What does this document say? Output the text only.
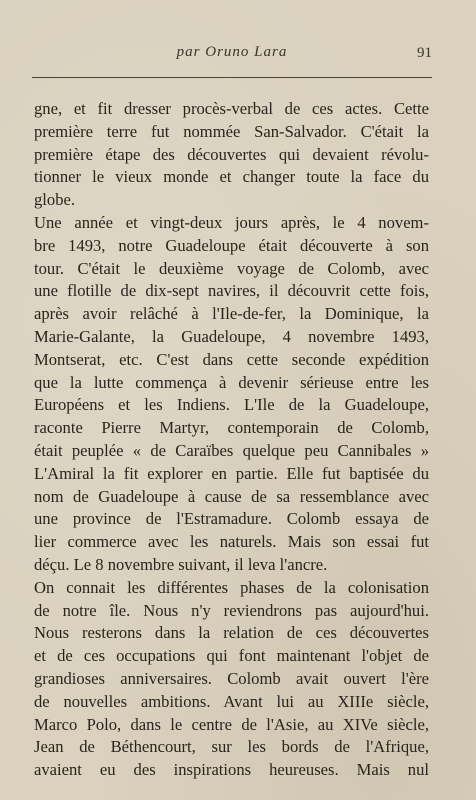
par Oruno Lara	91
gne, et fit dresser procès-verbal de ces actes. Cette
première terre fut nommée San-Salvador. C'était la
première étape des découvertes qui devaient révolu-
tionner le vieux monde et changer toute la face du
globe.
Une année et vingt-deux jours après, le 4 novem-
bre 1493, notre Guadeloupe était découverte à son
tour. C'était le deuxième voyage de Colomb, avec
une flotille de dix-sept navires, il découvrit cette fois,
après avoir relâché à l'Ile-de-fer, la Dominique, la
Marie-Galante, la Guadeloupe, 4 novembre 1493,
Montserat, etc. C'est dans cette seconde expédition
que la lutte commença à devenir sérieuse entre les
Européens et les Indiens. L'Ile de la Guadeloupe,
raconte Pierre Martyr, contemporain de Colomb,
était peuplée « de Caraïbes quelque peu Cannibales »
L'Amiral la fit explorer en partie. Elle fut baptisée du
nom de Guadeloupe à cause de sa ressemblance avec
une province de l'Estramadure. Colomb essaya de
lier commerce avec les naturels. Mais son essai fut
déçu. Le 8 novembre suivant, il leva l'ancre.
On connait les différentes phases de la colonisation
de notre île. Nous n'y reviendrons pas aujourd'hui.
Nous resterons dans la relation de ces découvertes
et de ces occupations qui font maintenant l'objet de
grandioses anniversaires. Colomb avait ouvert l'ère
de nouvelles ambitions. Avant lui au XIIIe siècle,
Marco Polo, dans le centre de l'Asie, au XIVe siècle,
Jean de Béthencourt, sur les bords de l'Afrique,
avaient eu des inspirations heureuses. Mais nul
